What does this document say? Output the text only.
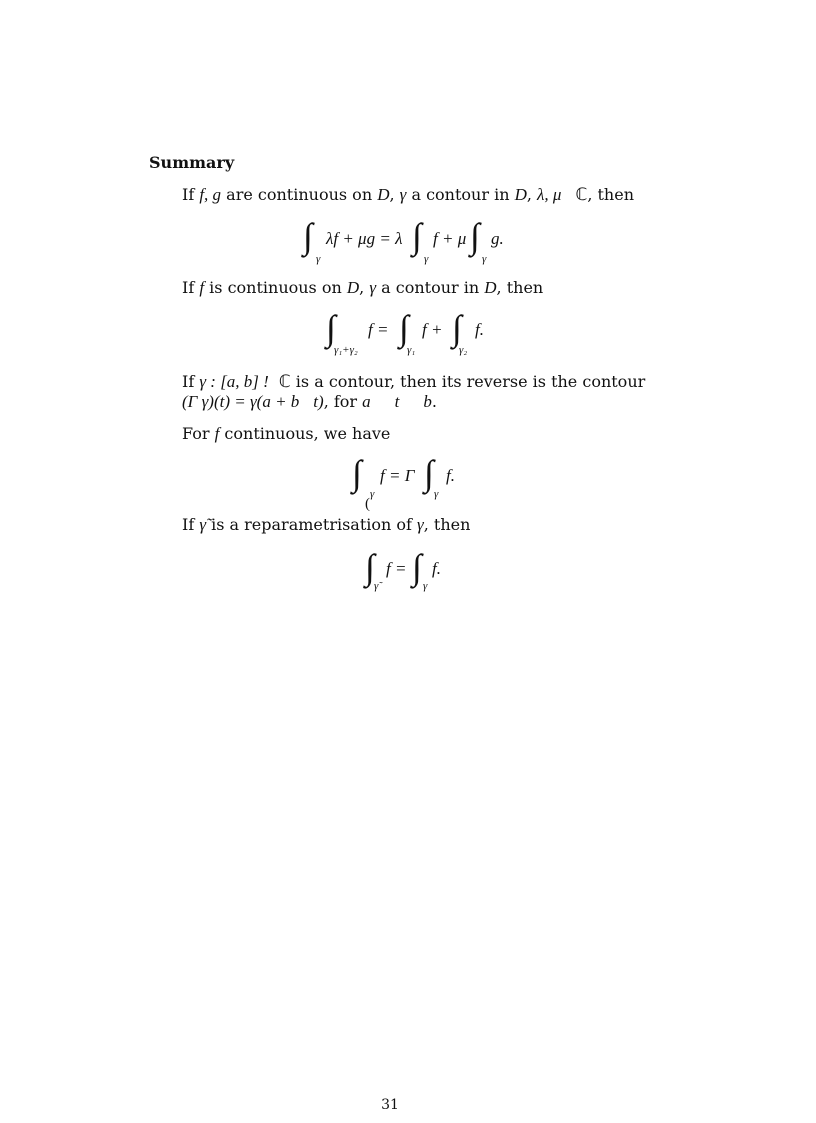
Summary
If f, g are continuous on D, γ a contour in D, λ, μ ℂ, then
∫
γ
λf + μg = λ ∫
γ
f + μ ∫
γ
g.
If f is continuous on D, γ a contour in D, then
∫
γ₁+γ₂
f = ∫
γ₁
f + ∫
γ₂
f.
If γ : [a, b] ! ℂ is a contour, then its reverse is the contour
(Γ γ)(t) = γ(a + b t), for a t b.
For f continuous, we have
∫
γ
(
f = Γ ∫
γ
f.
If γ̃ is a reparametrisation of γ, then
∫ γ̃
f = ∫ γ
f.
31
